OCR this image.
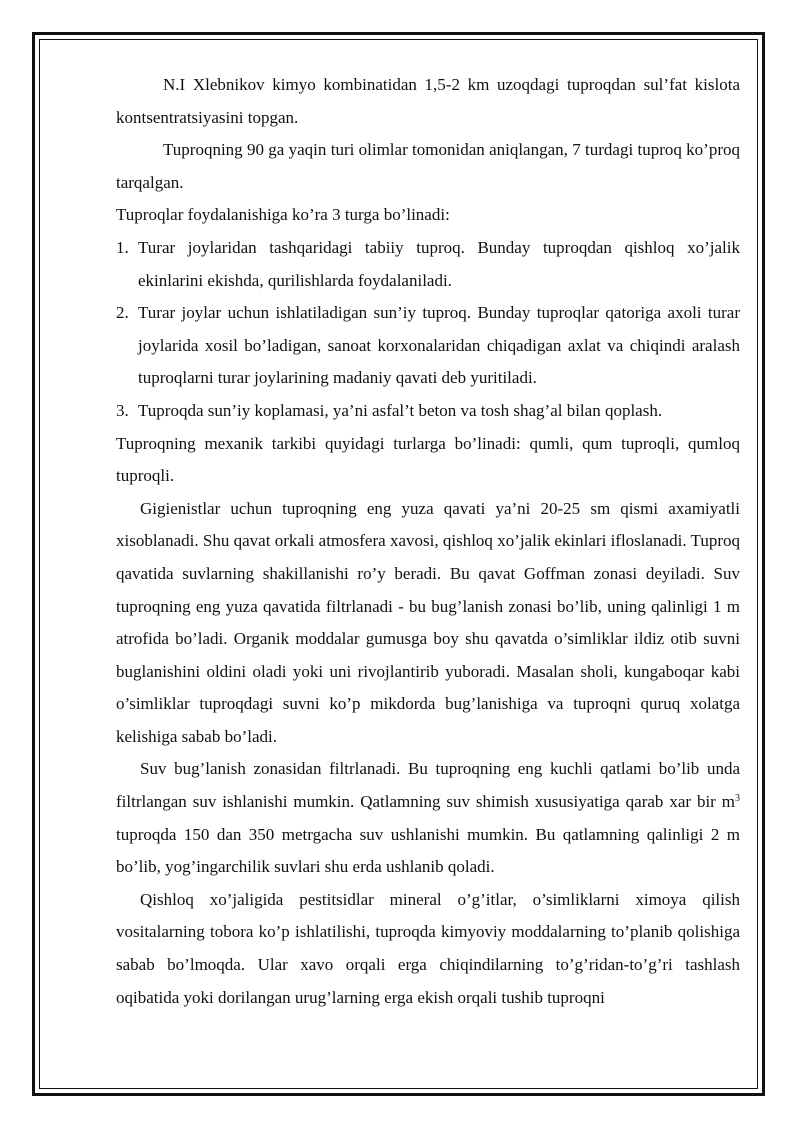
N.I Xlebnikov kimyo kombinatidan 1,5-2 km uzoqdagi tuproqdan sul’fat kislota kontsentratsiyasini topgan.

Tuproqning 90 ga yaqin turi olimlar tomonidan aniqlangan, 7 turdagi tuproq ko’proq tarqalgan.

Tuproqlar foydalanishiga ko’ra 3 turga bo’linadi:

1. Turar joylaridan tashqaridagi tabiiy tuproq. Bunday tuproqdan qishloq xo’jalik ekinlarini ekishda, qurilishlarda foydalaniladi.
2. Turar joylar uchun ishlatiladigan sun’iy tuproq. Bunday tuproqlar qatoriga axoli turar joylarida xosil bo’ladigan, sanoat korxonalaridan chiqadigan axlat va chiqindi aralash tuproqlarni turar joylarining madaniy qavati deb yuritiladi.
3. Tuproqda sun’iy koplamasi, ya’ni asfal’t beton va tosh shag’al bilan qoplash.

Tuproqning mexanik tarkibi quyidagi turlarga bo’linadi: qumli, qum tuproqli, qumloq tuproqli.

Gigienistlar uchun tuproqning eng yuza qavati ya’ni 20-25 sm qismi axamiyatli xisoblanadi. Shu qavat orkali atmosfera xavosi, qishloq xo’jalik ekinlari ifloslanadi. Tuproq qavatida suvlarning shakillanishi ro’y beradi. Bu qavat Goffman zonasi deyiladi. Suv tuproqning eng yuza qavatida filtrlanadi - bu bug’lanish zonasi bo’lib, uning qalinligi 1 m atrofida bo’ladi. Organik moddalar gumusga boy shu qavatda o’simliklar ildiz otib suvni buglanishini oldini oladi yoki uni rivojlantirib yuboradi. Masalan sholi, kungaboqar kabi o’simliklar tuproqdagi suvni ko’p mikdorda bug’lanishiga va tuproqni quruq xolatga kelishiga sabab bo’ladi.

Suv bug’lanish zonasidan filtrlanadi. Bu tuproqning eng kuchli qatlami bo’lib unda filtrlangan suv ishlanishi mumkin. Qatlamning suv shimish xususiyatiga qarab xar bir $m^3$ tuproqda 150 dan 350 metrgacha suv ushlanishi mumkin. Bu qatlamning qalinligi 2 m bo’lib, yog’ingarchilik suvlari shu erda ushlanib qoladi.

Qishloq xo’jaligida pestitsidlar mineral o’g’itlar, o’simliklarni ximoya qilish vositalarning tobora ko’p ishlatilishi, tuproqda kimyoviy moddalarning to’planib qolishiga sabab bo’lmoqda. Ular xavo orqali erga chiqindilarning to’g’ridan-to’g’ri tashlash oqibatida yoki dorilangan urug’larning erga ekish orqali tushib tuproqni
